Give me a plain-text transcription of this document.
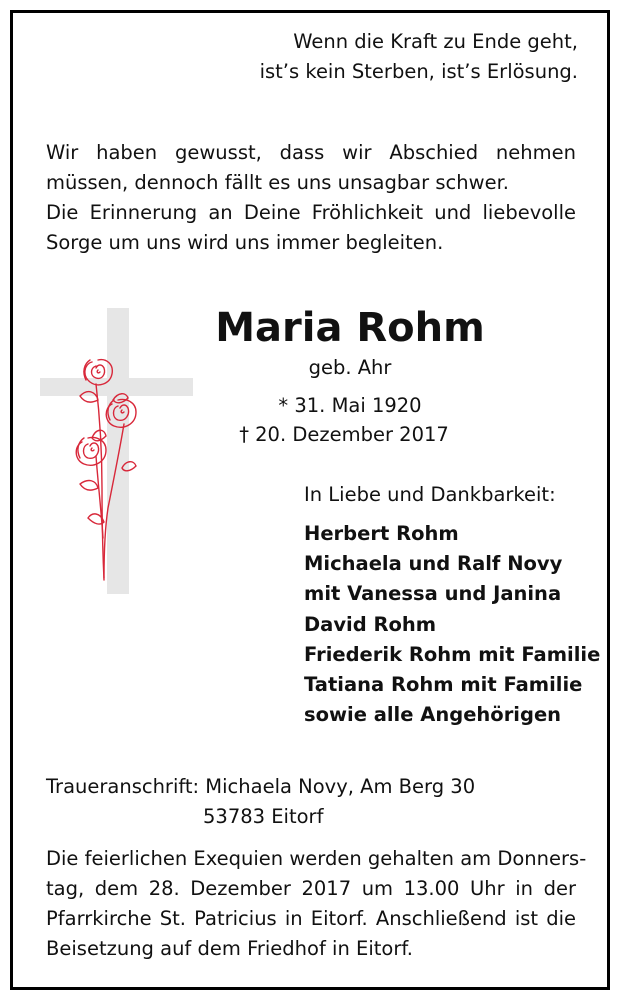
Wenn die Kraft zu Ende geht,
ist’s kein Sterben, ist’s Erlösung.
Wir haben gewusst, dass wir Abschied nehmen
müssen, dennoch fällt es uns unsagbar schwer.
Die Erinnerung an Deine Fröhlichkeit und liebevolle
Sorge um uns wird uns immer begleiten.
Maria Rohm
geb. Ahr
* 31. Mai 1920
† 20. Dezember 2017
In Liebe und Dankbarkeit:
Herbert Rohm
Michaela und Ralf Novy
mit Vanessa und Janina
David Rohm
Friederik Rohm mit Familie
Tatiana Rohm mit Familie
sowie alle Angehörigen
Traueranschrift: Michaela Novy, Am Berg 30
53783 Eitorf
Die feierlichen Exequien werden gehalten am Donners-
tag, dem 28. Dezember 2017 um 13.00 Uhr in der
Pfarrkirche St. Patricius in Eitorf. Anschließend ist die
Beisetzung auf dem Friedhof in Eitorf.
